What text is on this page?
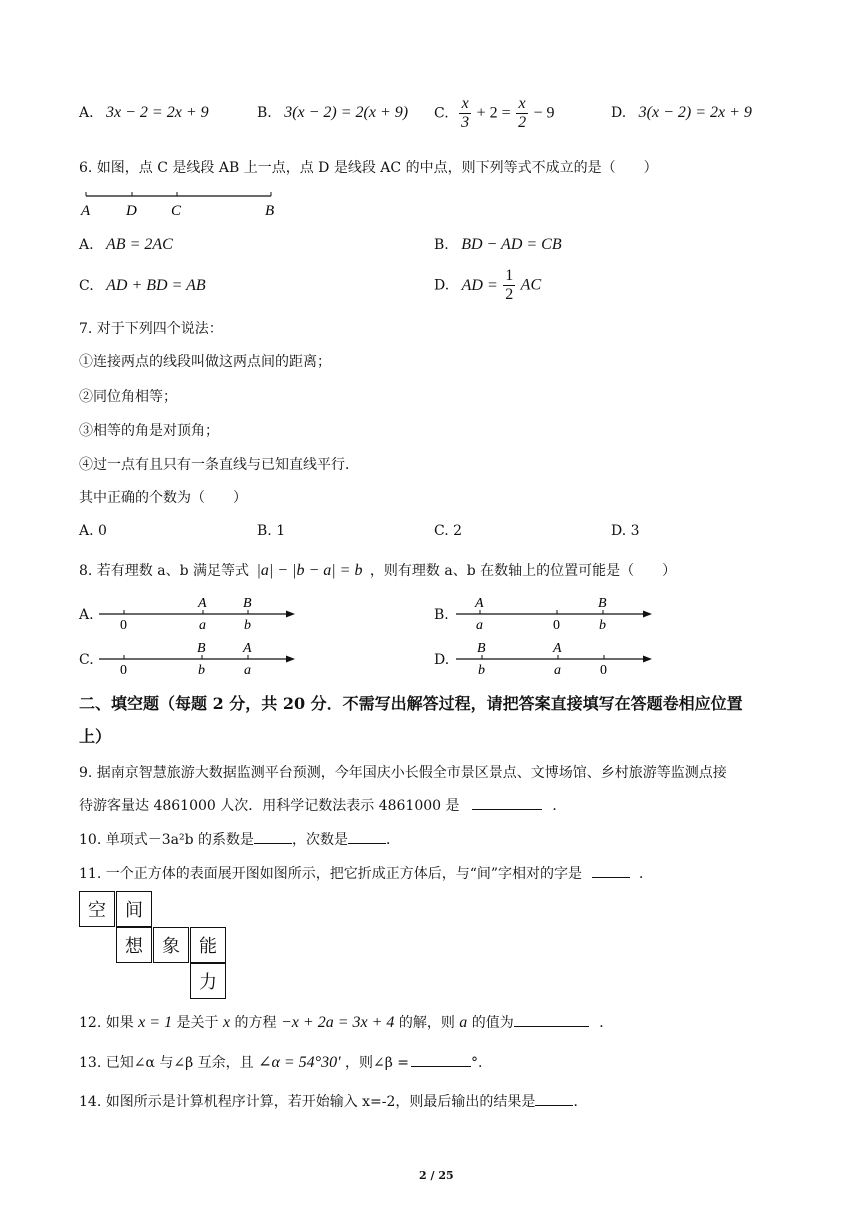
A. 3x − 2 = 2x + 9	B. 3(x − 2) = 2(x + 9) C. $\frac{x}{3} + 2 = \frac{x}{2} - 9$	D. 3(x − 2) = 2x + 9
6. 如图，点 C 是线段 AB 上一点，点 D 是线段 AC 的中点，则下列等式不成立的是（　　）
A D C	B
A. AB = 2AC	B. BD − AD = CB
C. AD + BD = AB	D. AD = $\frac{1}{2}$ AC
7. 对于下列四个说法：
①连接两点的线段叫做这两点间的距离；
②同位角相等；
③相等的角是对顶角；
④过一点有且只有一条直线与已知直线平行．
其中正确的个数为（　　）
A. 0	B. 1	C. 2	D. 3
8. 若有理数 a、b 满足等式 |a| − |b − a| = b ，则有理数 a、b 在数轴上的位置可能是（　　）
A.
A	B
0	a	b
B.
A	B
a	0	b
C.
B	A
0	b	a
D.
B	A
b	a	0
二、填空题（每题 2 分，共 20 分．不需写出解答过程，请把答案直接填写在答题卷相应位置
上）
9. 据南京智慧旅游大数据监测平台预测，今年国庆小长假全市景区景点、文博场馆、乡村旅游等监测点接
待游客量达 4861000 人次．用科学记数法表示 4861000 是	．
10. 单项式－3a²b 的系数是	，次数是	．
11. 一个正方体的表面展开图如图所示，把它折成正方体后，与“间”字相对的字是	．
空	间
想	象	能
力
12. 如果 x = 1 是关于 x 的方程 −x + 2a = 3x + 4 的解，则 a 的值为	．
13. 已知∠α 与∠β 互余，且 ∠α = 54°30′ ，则∠β =	°.
14. 如图所示是计算机程序计算，若开始输入 x=-2，则最后输出的结果是	．
2 / 25
